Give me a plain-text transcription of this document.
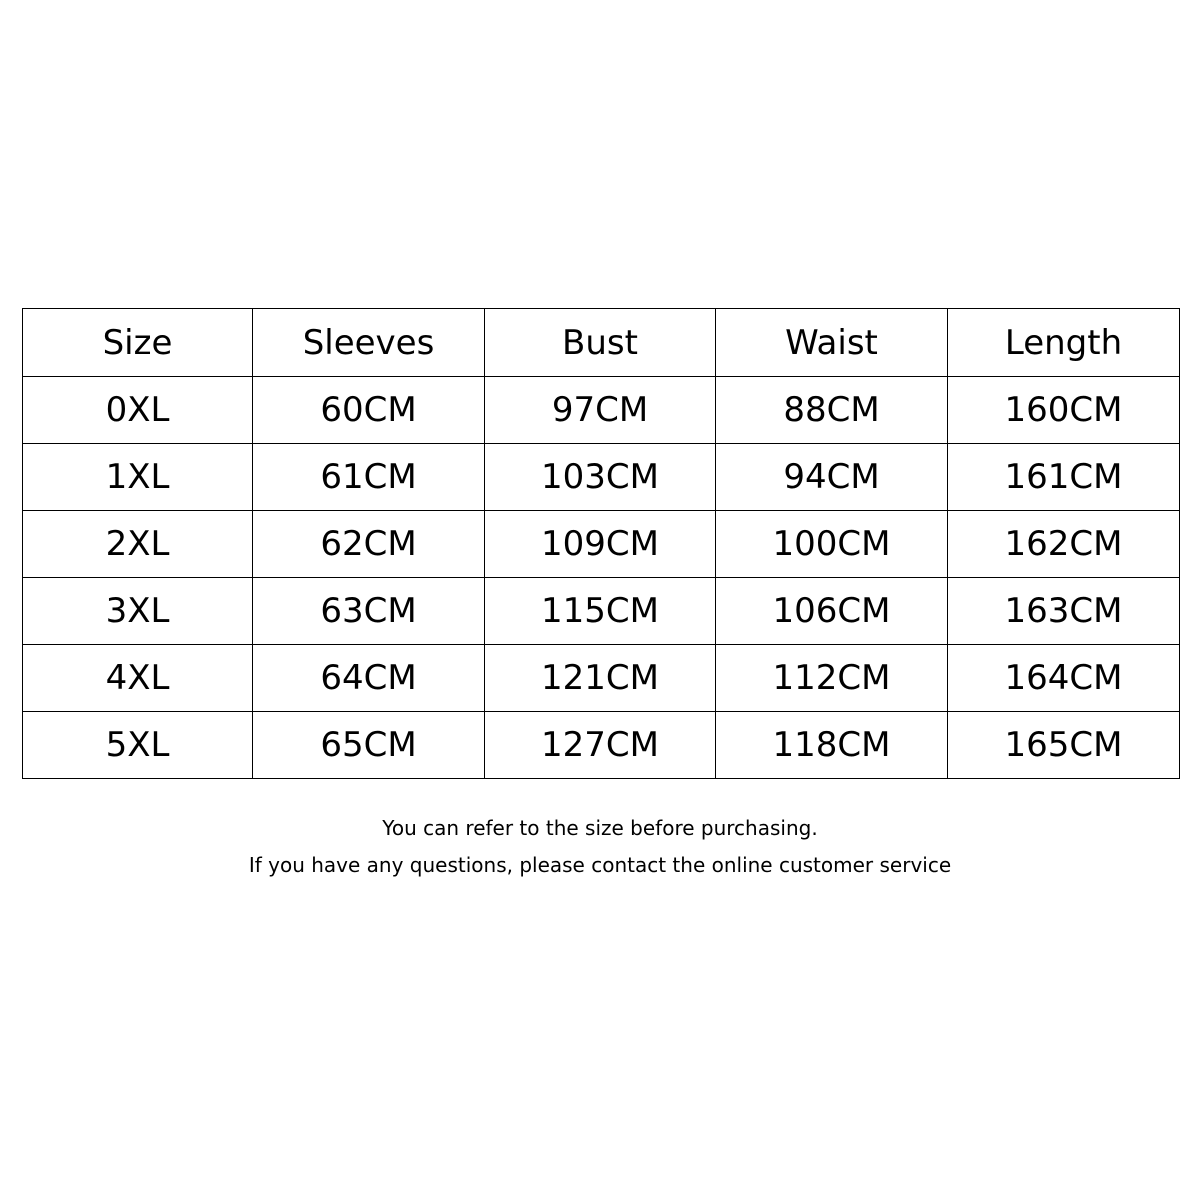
Size	Sleeves	Bust	Waist	Length
0XL	60CM	97CM	88CM	160CM
1XL	61CM	103CM	94CM	161CM
2XL	62CM	109CM	100CM	162CM
3XL	63CM	115CM	106CM	163CM
4XL	64CM	121CM	112CM	164CM
5XL	65CM	127CM	118CM	165CM
You can refer to the size before purchasing.
If you have any questions, please contact the online customer service
